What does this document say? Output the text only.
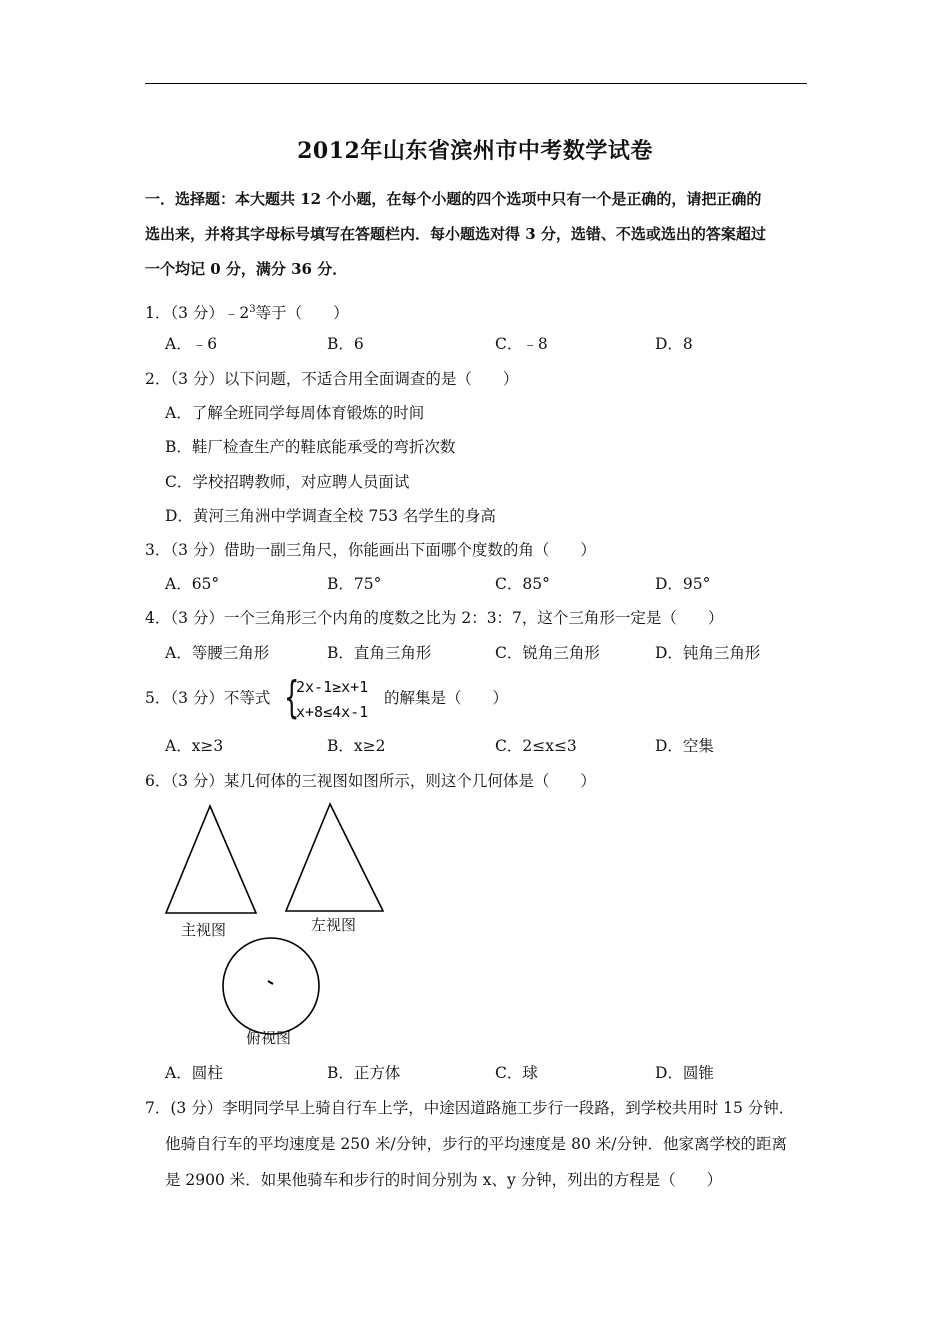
2012年山东省滨州市中考数学试卷
一．选择题：本大题共 12 个小题，在每个小题的四个选项中只有一个是正确的，请把正确的
选出来，并将其字母标号填写在答题栏内．每小题选对得 3 分，选错、不选或选出的答案超过
一个均记 0 分，满分 36 分．
1．（3 分）$﹣2^3$等于（　　）
A．﹣6	B．6	C．﹣8	D．8
2．（3 分）以下问题，不适合用全面调查的是（　　）
A．了解全班同学每周体育锻炼的时间
B．鞋厂检查生产的鞋底能承受的弯折次数
C．学校招聘教师，对应聘人员面试
D．黄河三角洲中学调查全校 753 名学生的身高
3．（3 分）借助一副三角尺，你能画出下面哪个度数的角（　　）
A．65°	B．75°	C．85°	D．95°
4．（3 分）一个三角形三个内角的度数之比为 2：3：7，这个三角形一定是（　　）
A．等腰三角形	B．直角三角形	C．锐角三角形	D．钝角三角形
5．（3 分）不等式 {
2x-1≥x+1
x+8≤4x-1
的解集是（　　）
A．x≥3	B．x≥2	C．2≤x≤3	D．空集
6．（3 分）某几何体的三视图如图所示，则这个几何体是（　　）
主视图	左视图
俯视图
A．圆柱	B．正方体	C．球	D．圆锥
7．(3 分）李明同学早上骑自行车上学，中途因道路施工步行一段路，到学校共用时 15 分钟．
他骑自行车的平均速度是 250 米/分钟，步行的平均速度是 80 米/分钟．他家离学校的距离
是 2900 米．如果他骑车和步行的时间分别为 x、y 分钟，列出的方程是（　　）
